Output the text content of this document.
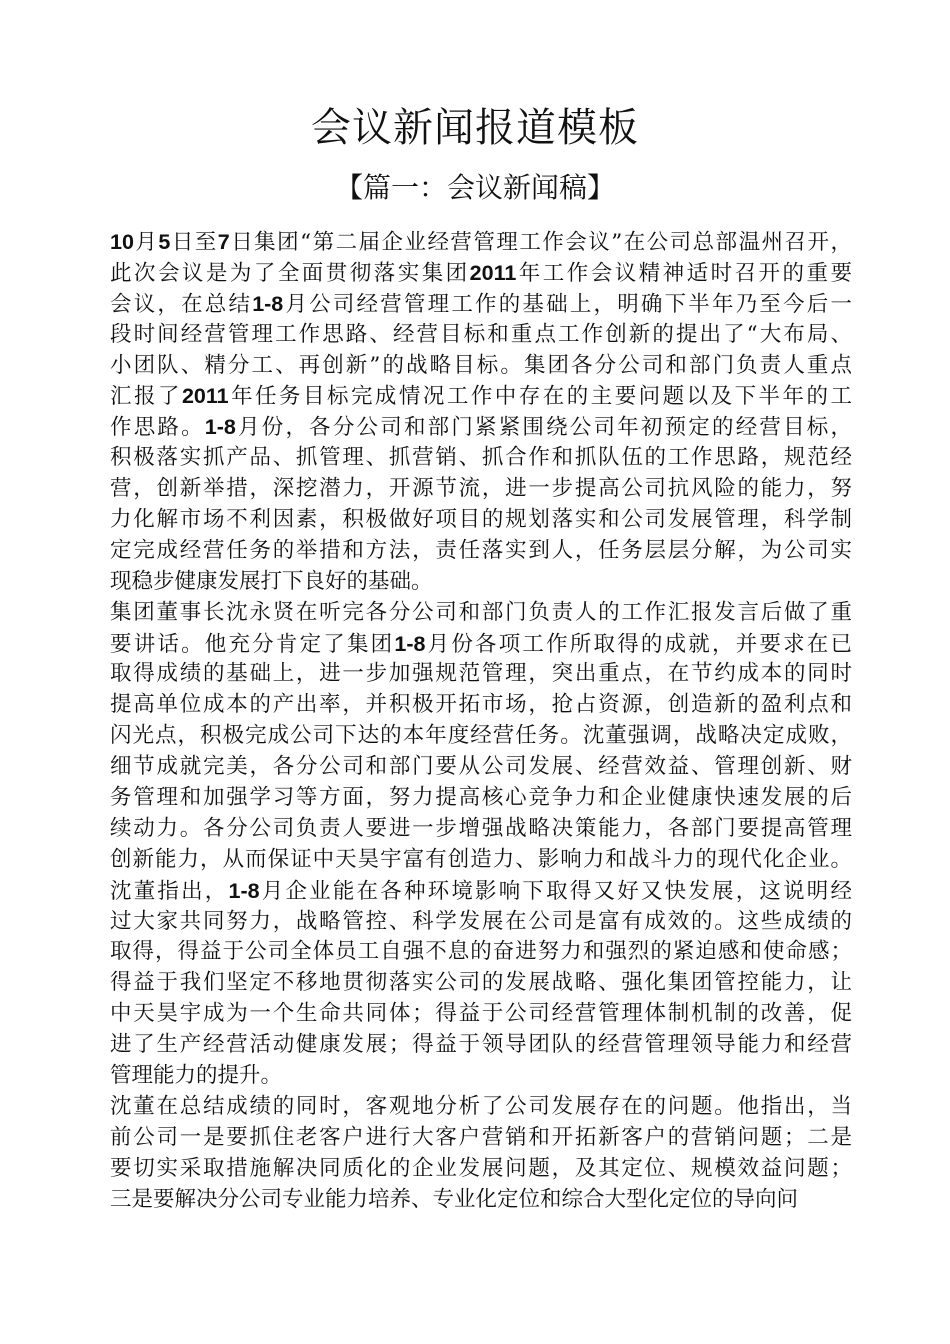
会议新闻报道模板
【篇一：会议新闻稿】
10月5日至7日集团“第二届企业经营管理工作会议”在公司总部温州召开，
此次会议是为了全面贯彻落实集团2011年工作会议精神适时召开的重要
会议，在总结1-8月公司经营管理工作的基础上，明确下半年乃至今后一
段时间经营管理工作思路、经营目标和重点工作创新的提出了“大布局、
小团队、精分工、再创新”的战略目标。集团各分公司和部门负责人重点
汇报了2011年任务目标完成情况工作中存在的主要问题以及下半年的工
作思路。1-8月份，各分公司和部门紧紧围绕公司年初预定的经营目标，
积极落实抓产品、抓管理、抓营销、抓合作和抓队伍的工作思路，规范经
营，创新举措，深挖潜力，开源节流，进一步提高公司抗风险的能力，努
力化解市场不利因素，积极做好项目的规划落实和公司发展管理，科学制
定完成经营任务的举措和方法，责任落实到人，任务层层分解，为公司实
现稳步健康发展打下良好的基础。
集团董事长沈永贤在听完各分公司和部门负责人的工作汇报发言后做了重
要讲话。他充分肯定了集团1-8月份各项工作所取得的成就，并要求在已
取得成绩的基础上，进一步加强规范管理，突出重点，在节约成本的同时
提高单位成本的产出率，并积极开拓市场，抢占资源，创造新的盈利点和
闪光点，积极完成公司下达的本年度经营任务。沈董强调，战略决定成败，
细节成就完美，各分公司和部门要从公司发展、经营效益、管理创新、财
务管理和加强学习等方面，努力提高核心竞争力和企业健康快速发展的后
续动力。各分公司负责人要进一步增强战略决策能力，各部门要提高管理
创新能力，从而保证中天昊宇富有创造力、影响力和战斗力的现代化企业。
沈董指出，1-8月企业能在各种环境影响下取得又好又快发展，这说明经
过大家共同努力，战略管控、科学发展在公司是富有成效的。这些成绩的
取得，得益于公司全体员工自强不息的奋进努力和强烈的紧迫感和使命感；
得益于我们坚定不移地贯彻落实公司的发展战略、强化集团管控能力，让
中天昊宇成为一个生命共同体；得益于公司经营管理体制机制的改善，促
进了生产经营活动健康发展；得益于领导团队的经营管理领导能力和经营
管理能力的提升。
沈董在总结成绩的同时，客观地分析了公司发展存在的问题。他指出，当
前公司一是要抓住老客户进行大客户营销和开拓新客户的营销问题；二是
要切实采取措施解决同质化的企业发展问题，及其定位、规模效益问题；
三是要解决分公司专业能力培养、专业化定位和综合大型化定位的导向问
